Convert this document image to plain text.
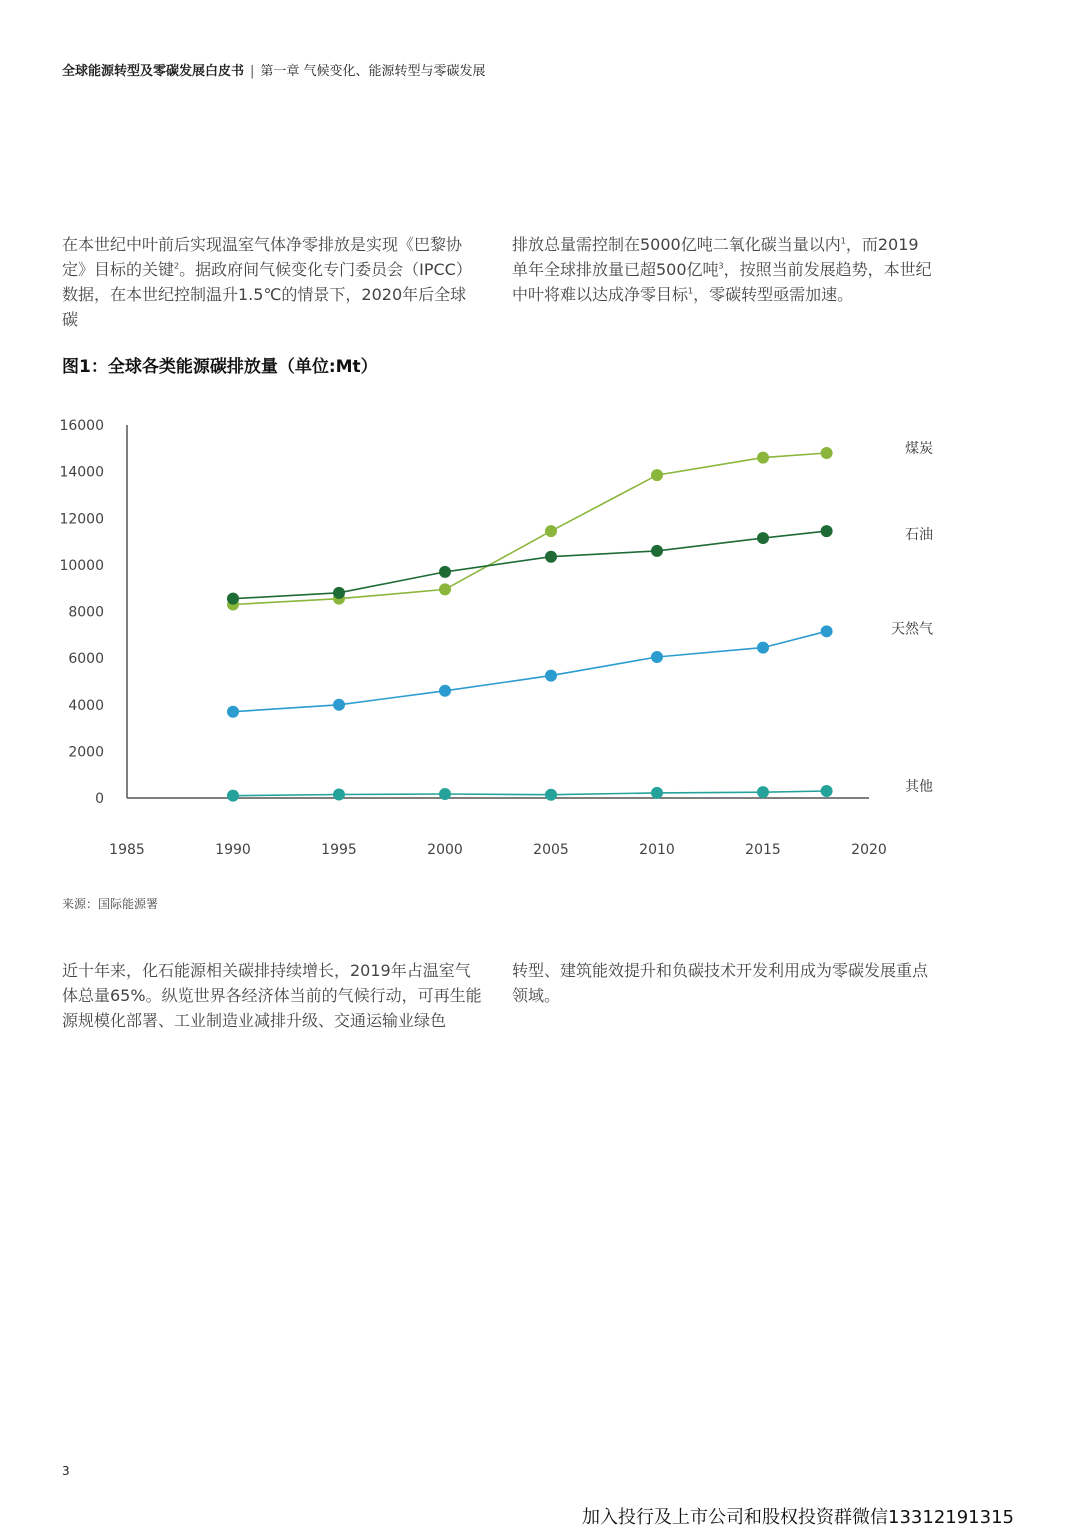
全球能源转型及零碳发展白皮书 | 第一章 气候变化、能源转型与零碳发展
在本世纪中叶前后实现温室气体净零排放是实现《巴黎协定》目标的关键$^2$。据政府间气候变化专门委员会（IPCC）数据，在本世纪控制温升1.5℃的情景下，2020年后全球碳
排放总量需控制在5000亿吨二氧化碳当量以内$^1$，而2019单年全球排放量已超500亿吨$^3$，按照当前发展趋势，本世纪中叶将难以达成净零目标$^1$，零碳转型亟需加速。
图1：全球各类能源碳排放量（单位:Mt）
0
2000
4000
6000
8000
10000
12000
14000
16000
1985	1990	1995	2000	2005	2010	2015	2020
煤炭
石油
天然气
其他
来源：国际能源署
近十年来，化石能源相关碳排持续增长，2019年占温室气体总量65%。纵览世界各经济体当前的气候行动，可再生能源规模化部署、工业制造业减排升级、交通运输业绿色
转型、建筑能效提升和负碳技术开发利用成为零碳发展重点领域。
3
加入投行及上市公司和股权投资群微信13312191315
